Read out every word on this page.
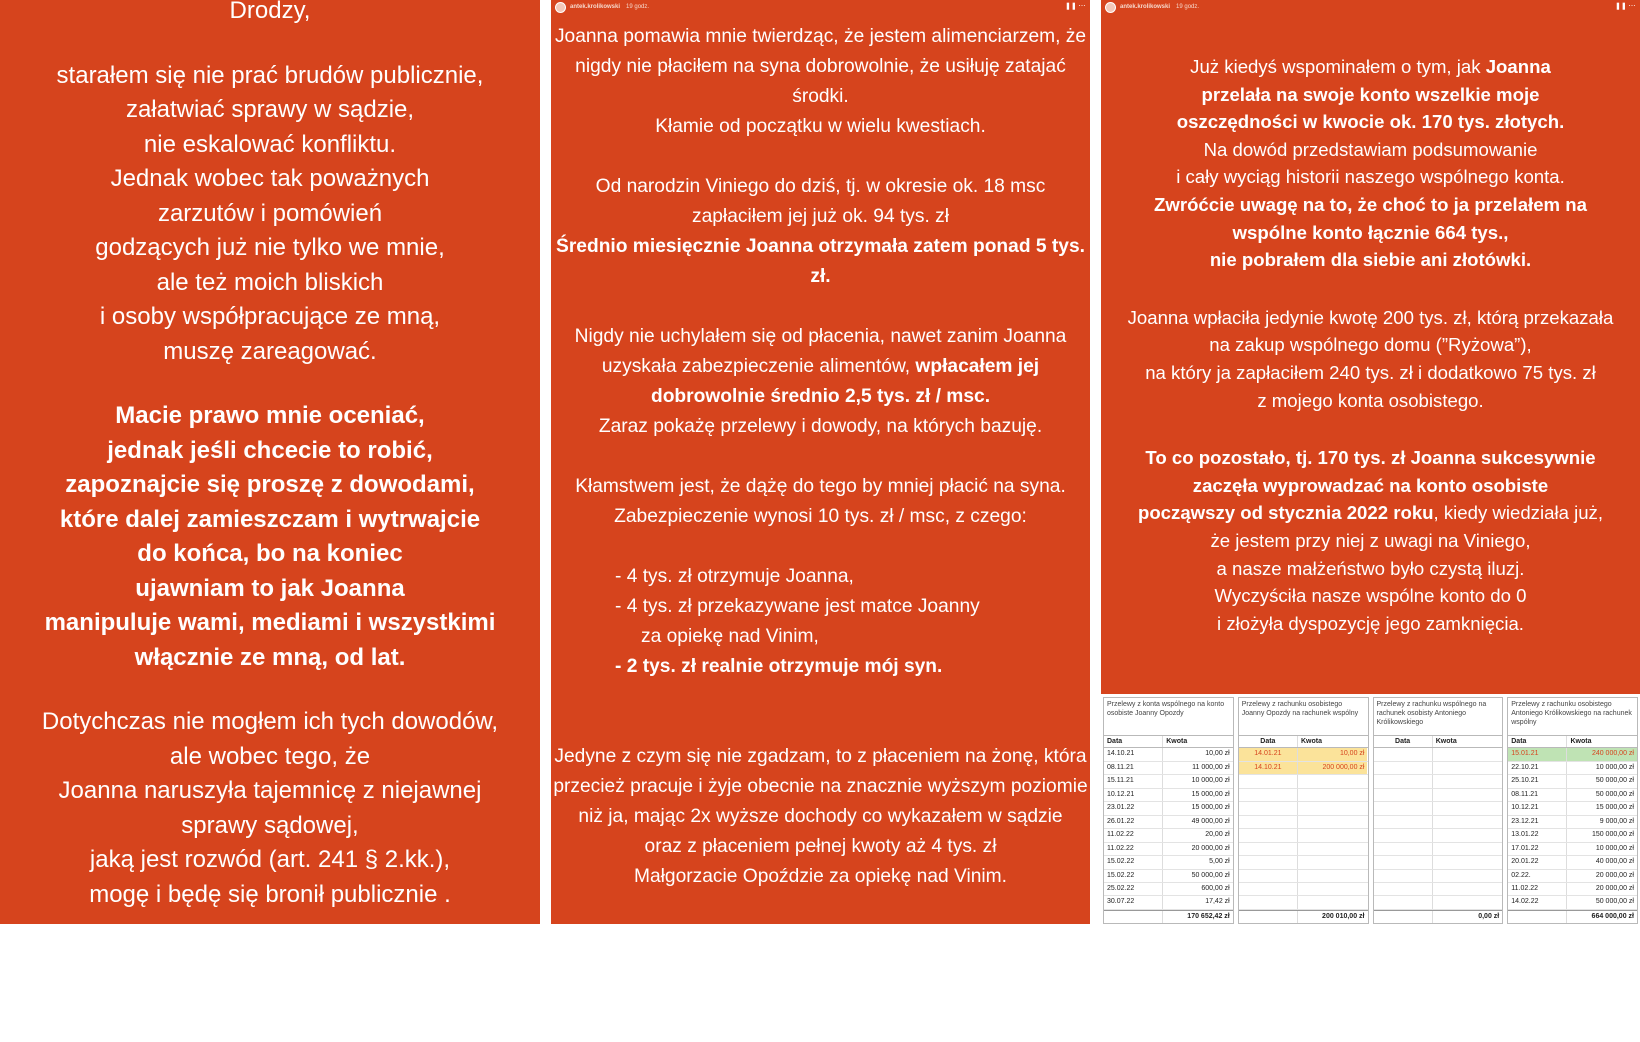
Drodzy,
starałem się nie prać brudów publicznie,
załatwiać sprawy w sądzie,
nie eskalować konfliktu.
Jednak wobec tak poważnych
zarzutów i pomówień
godzących już nie tylko we mnie,
ale też moich bliskich
i osoby współpracujące ze mną,
muszę zareagować.
Macie prawo mnie oceniać,
jednak jeśli chcecie to robić,
zapoznajcie się proszę z dowodami,
które dalej zamieszczam i wytrwajcie
do końca, bo na koniec
ujawniam to jak Joanna
manipuluje wami, mediami i wszystkimi
włącznie ze mną, od lat.
Dotychczas nie mogłem ich tych dowodów,
ale wobec tego, że
Joanna naruszyła tajemnicę z niejawnej
sprawy sądowej,
jaką jest rozwód (art. 241 § 2.kk.),
mogę i będę się bronił publicznie .
antek.krolikowski 19 godz.	❚❚ ⋯
Joanna pomawia mnie twierdząc, że jestem alimenciarzem, że
nigdy nie płaciłem na syna dobrowolnie, że usiłuję zatajać środki.
Kłamie od początku w wielu kwestiach.
Od narodzin Viniego do dziś, tj. w okresie ok. 18 msc
zapłaciłem jej już ok. 94 tys. zł
Średnio miesięcznie Joanna otrzymała zatem ponad 5 tys. zł.
Nigdy nie uchylałem się od płacenia, nawet zanim Joanna
uzyskała zabezpieczenie alimentów, wpłacałem jej
dobrowolnie średnio 2,5 tys. zł / msc.
Zaraz pokażę przelewy i dowody, na których bazuję.
Kłamstwem jest, że dążę do tego by mniej płacić na syna.
Zabezpieczenie wynosi 10 tys. zł / msc, z czego:
- 4 tys. zł otrzymuje Joanna,
- 4 tys. zł przekazywane jest matce Joanny
za opiekę nad Vinim,
- 2 tys. zł realnie otrzymuje mój syn.
Jedyne z czym się nie zgadzam, to z płaceniem na żonę, która
przecież pracuje i żyje obecnie na znacznie wyższym poziomie
niż ja, mając 2x wyższe dochody co wykazałem w sądzie
oraz z płaceniem pełnej kwoty aż 4 tys. zł
Małgorzacie Opoździe za opiekę nad Vinim.
Chętnie sam przejąłbym na siebie choć część starań osobistych
i opiekował synem,
co zmniejszyłoby koszty na „nianię” = babcię.
antek.krolikowski 19 godz.	❚❚ ⋯
Już kiedyś wspominałem o tym, jak Joanna
przelała na swoje konto wszelkie moje
oszczędności w kwocie ok. 170 tys. złotych.
Na dowód przedstawiam podsumowanie
i cały wyciąg historii naszego wspólnego konta.
Zwróćcie uwagę na to, że choć to ja przelałem na
wspólne konto łącznie 664 tys.,
nie pobrałem dla siebie ani złotówki.
Joanna wpłaciła jedynie kwotę 200 tys. zł, którą przekazała
na zakup wspólnego domu (”Ryżowa”),
na który ja zapłaciłem 240 tys. zł i dodatkowo 75 tys. zł
z mojego konta osobistego.
To co pozostało, tj. 170 tys. zł Joanna sukcesywnie
zaczęła wyprowadzać na konto osobiste
począwszy od stycznia 2022 roku, kiedy wiedziała już,
że jestem przy niej z uwagi na Viniego,
a nasze małżeństwo było czystą iluzj.
Wyczyściła nasze wspólne konto do 0
i złożyła dyspozycję jego zamknięcia.
Przelewy z konta wspólnego na konto osobiste Joanny Opozdy
Data	Kwota
14.10.21	10,00 zł
08.11.21	11 000,00 zł
15.11.21	10 000,00 zł
10.12.21	15 000,00 zł
23.01.22	15 000,00 zł
26.01.22	49 000,00 zł
11.02.22	20,00 zł
11.02.22	20 000,00 zł
15.02.22	5,00 zł
15.02.22	50 000,00 zł
25.02.22	600,00 zł
30.07.22	17,42 zł
170 652,42 zł
Przelewy z rachunku osobistego Joanny Opozdy na rachunek wspólny
Data	Kwota
14.01.21	10,00 zł
14.10.21	200 000,00 zł
200 010,00 zł
Przelewy z rachunku wspólnego na rachunek osobisty Antoniego Królikowskiego
Data	Kwota
0,00 zł
Przelewy z rachunku osobistego Antoniego Królikowskiego na rachunek wspólny
Data	Kwota
15.01.21	240 000,00 zł
22.10.21	10 000,00 zł
25.10.21	50 000,00 zł
08.11.21	50 000,00 zł
10.12.21	15 000,00 zł
23.12.21	9 000,00 zł
13.01.22	150 000,00 zł
17.01.22	10 000,00 zł
20.01.22	40 000,00 zł
02.22.	20 000,00 zł
11.02.22	20 000,00 zł
14.02.22	50 000,00 zł
664 000,00 zł
